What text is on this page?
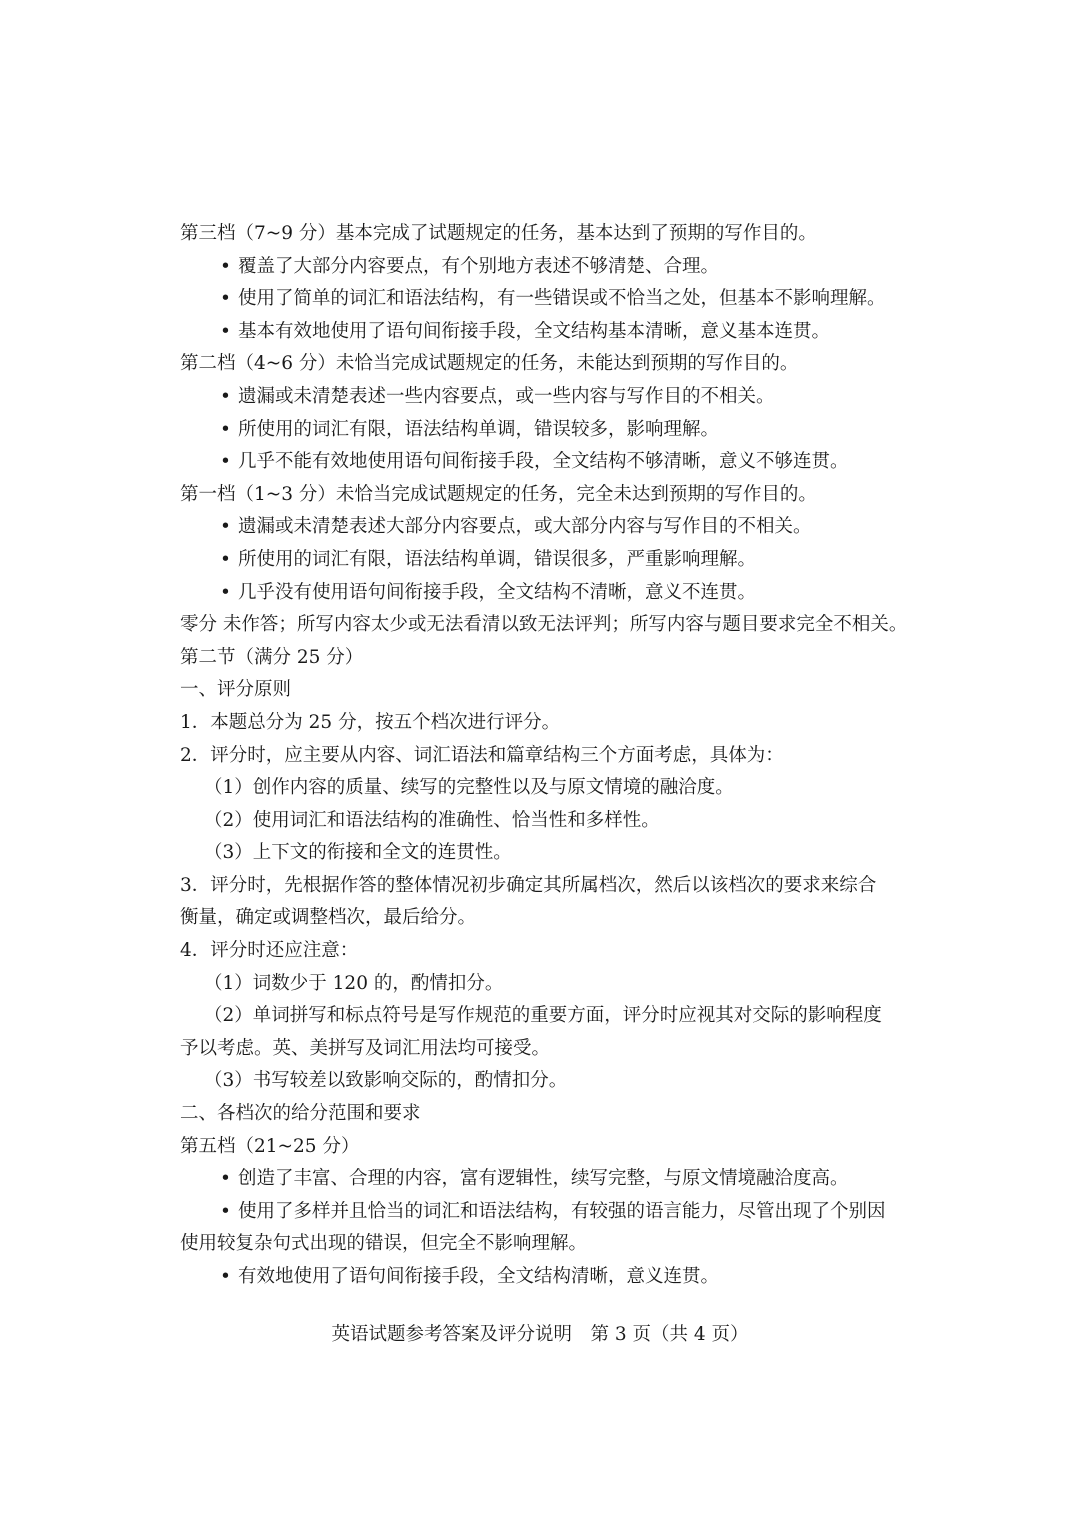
第三档（7~9 分）基本完成了试题规定的任务，基本达到了预期的写作目的。
• 覆盖了大部分内容要点，有个别地方表述不够清楚、合理。
• 使用了简单的词汇和语法结构，有一些错误或不恰当之处，但基本不影响理解。
• 基本有效地使用了语句间衔接手段，全文结构基本清晰，意义基本连贯。
第二档（4~6 分）未恰当完成试题规定的任务，未能达到预期的写作目的。
• 遗漏或未清楚表述一些内容要点，或一些内容与写作目的不相关。
• 所使用的词汇有限，语法结构单调，错误较多，影响理解。
• 几乎不能有效地使用语句间衔接手段，全文结构不够清晰，意义不够连贯。
第一档（1~3 分）未恰当完成试题规定的任务，完全未达到预期的写作目的。
• 遗漏或未清楚表述大部分内容要点，或大部分内容与写作目的不相关。
• 所使用的词汇有限，语法结构单调，错误很多，严重影响理解。
• 几乎没有使用语句间衔接手段，全文结构不清晰，意义不连贯。
零分 未作答；所写内容太少或无法看清以致无法评判；所写内容与题目要求完全不相关。
第二节（满分 25 分）
一、评分原则
1．本题总分为 25 分，按五个档次进行评分。
2．评分时，应主要从内容、词汇语法和篇章结构三个方面考虑，具体为：
（1）创作内容的质量、续写的完整性以及与原文情境的融洽度。
（2）使用词汇和语法结构的准确性、恰当性和多样性。
（3）上下文的衔接和全文的连贯性。
3．评分时，先根据作答的整体情况初步确定其所属档次，然后以该档次的要求来综合
衡量，确定或调整档次，最后给分。
4．评分时还应注意：
（1）词数少于 120 的，酌情扣分。
（2）单词拼写和标点符号是写作规范的重要方面，评分时应视其对交际的影响程度
予以考虑。英、美拼写及词汇用法均可接受。
（3）书写较差以致影响交际的，酌情扣分。
二、各档次的给分范围和要求
第五档（21~25 分）
• 创造了丰富、合理的内容，富有逻辑性，续写完整，与原文情境融洽度高。
• 使用了多样并且恰当的词汇和语法结构，有较强的语言能力，尽管出现了个别因
使用较复杂句式出现的错误，但完全不影响理解。
• 有效地使用了语句间衔接手段，全文结构清晰，意义连贯。
英语试题参考答案及评分说明　第 3 页（共 4 页）
